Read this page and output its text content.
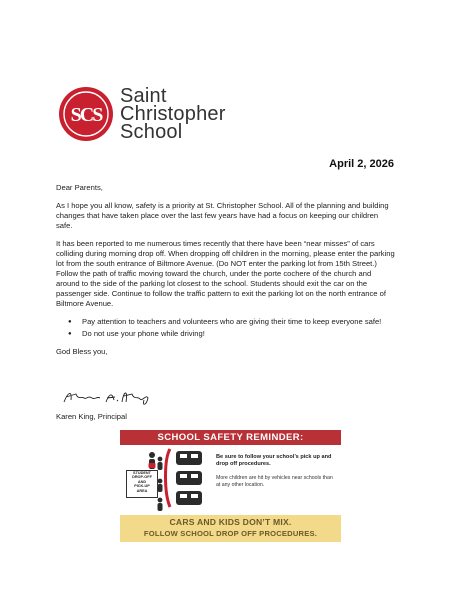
SCS
Saint
Christopher
School
April 2, 2026

Dear Parents,

As I hope you all know, safety is a priority at St. Christopher School. All of the planning and building changes that have taken place over the last few years have had a focus on keeping our children safe.

It has been reported to me numerous times recently that there have been “near misses” of cars colliding during morning drop off. When dropping off children in the morning, please enter the parking lot from the south entrance of Biltmore Avenue. (Do NOT enter the parking lot from 15th Street.) Follow the path of traffic moving toward the church, under the porte cochere of the church and around to the side of the parking lot closest to the school. Students should exit the car on the passenger side. Continue to follow the traffic pattern to exit the parking lot on the north entrance of Biltmore Avenue.

● Pay attention to teachers and volunteers who are giving their time to keep everyone safe!
● Do not use your phone while driving!

God Bless you,

Karen King, Principal
SCHOOL SAFETY REMINDER:
STUDENT
DROP-OFF
AND
PICK-UP
AREA
Be sure to follow your school’s pick up and drop off procedures.
More children are hit by vehicles near schools than at any other location.
CARS AND KIDS DON’T MIX.
FOLLOW SCHOOL DROP OFF PROCEDURES.
